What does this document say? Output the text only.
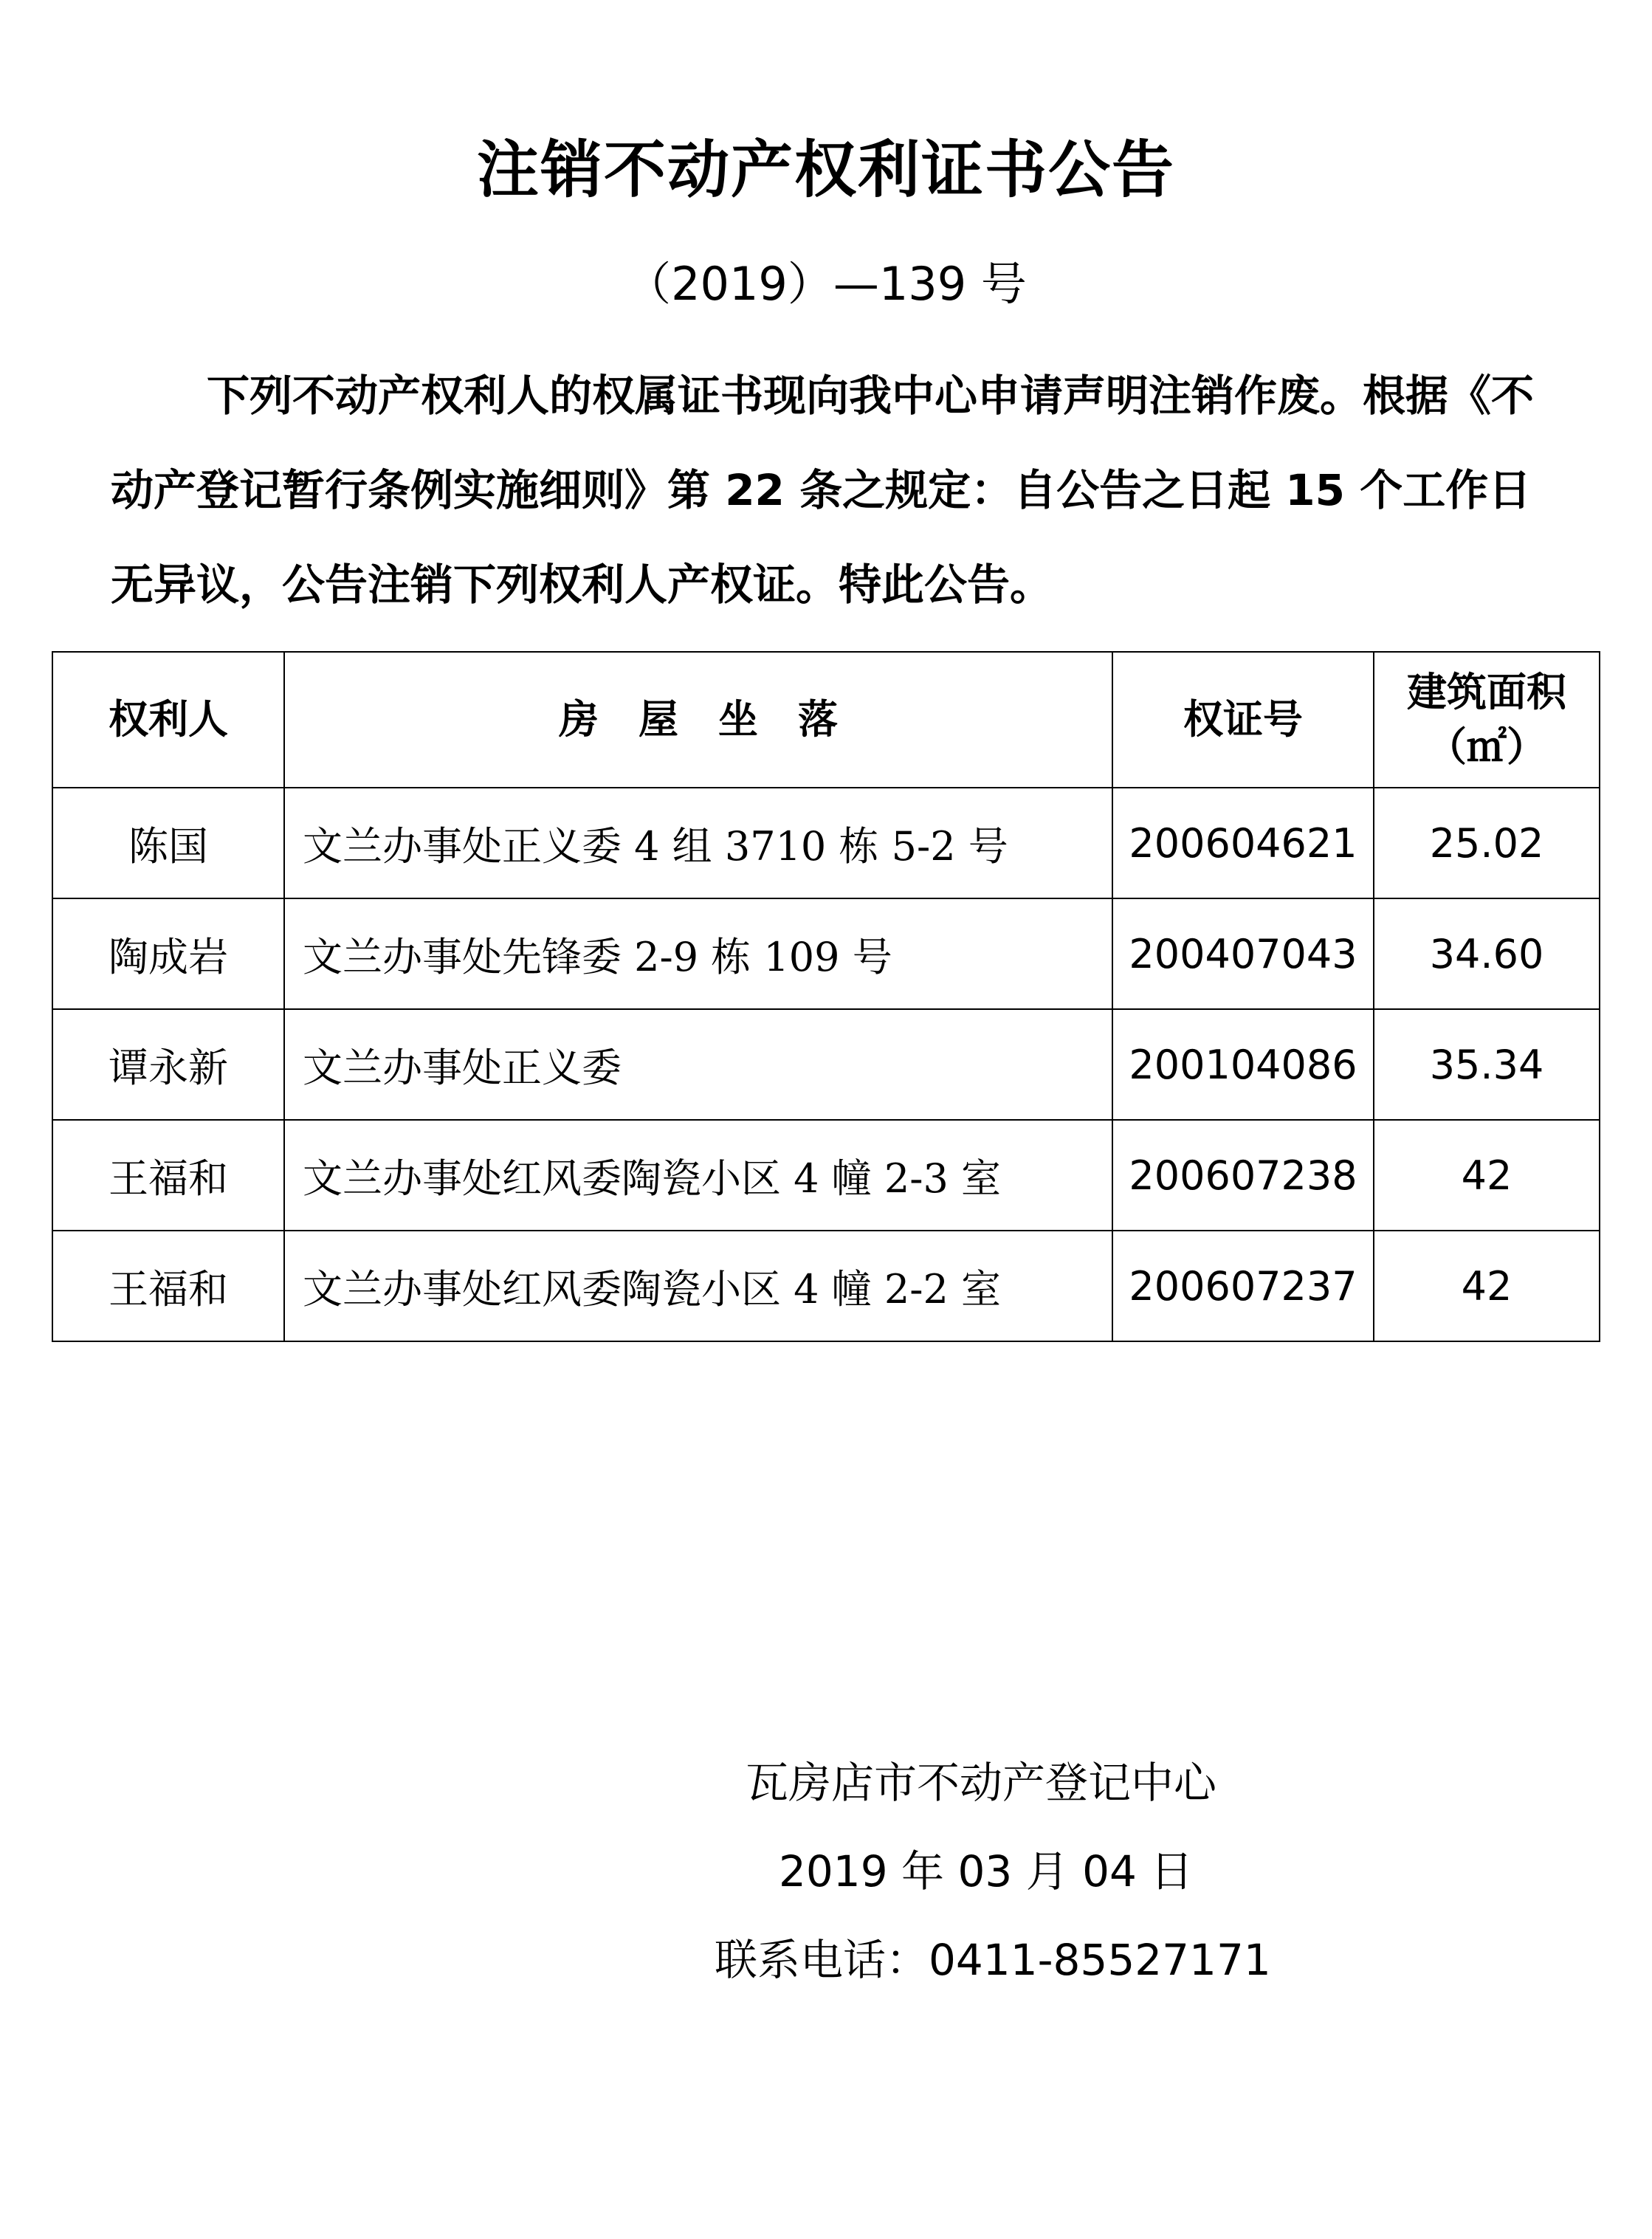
注销不动产权利证书公告
（2019）—139 号
下列不动产权利人的权属证书现向我中心申请声明注销作废。根据《不动产登记暂行条例实施细则》第 22 条之规定：自公告之日起 15 个工作日无异议，公告注销下列权利人产权证。特此公告。
权利人	房　屋　坐　落	权证号	建筑面积
（㎡）

陈国	文兰办事处正义委 4 组 3710 栋 5-2 号	200604621	25.02
陶成岩	文兰办事处先锋委 2-9 栋 109 号	200407043	34.60
谭永新	文兰办事处正义委	200104086	35.34
王福和	文兰办事处红风委陶瓷小区 4 幢 2-3 室	200607238	42
王福和	文兰办事处红风委陶瓷小区 4 幢 2-2 室	200607237	42
瓦房店市不动产登记中心
2019 年 03 月 04 日
联系电话：0411-85527171
